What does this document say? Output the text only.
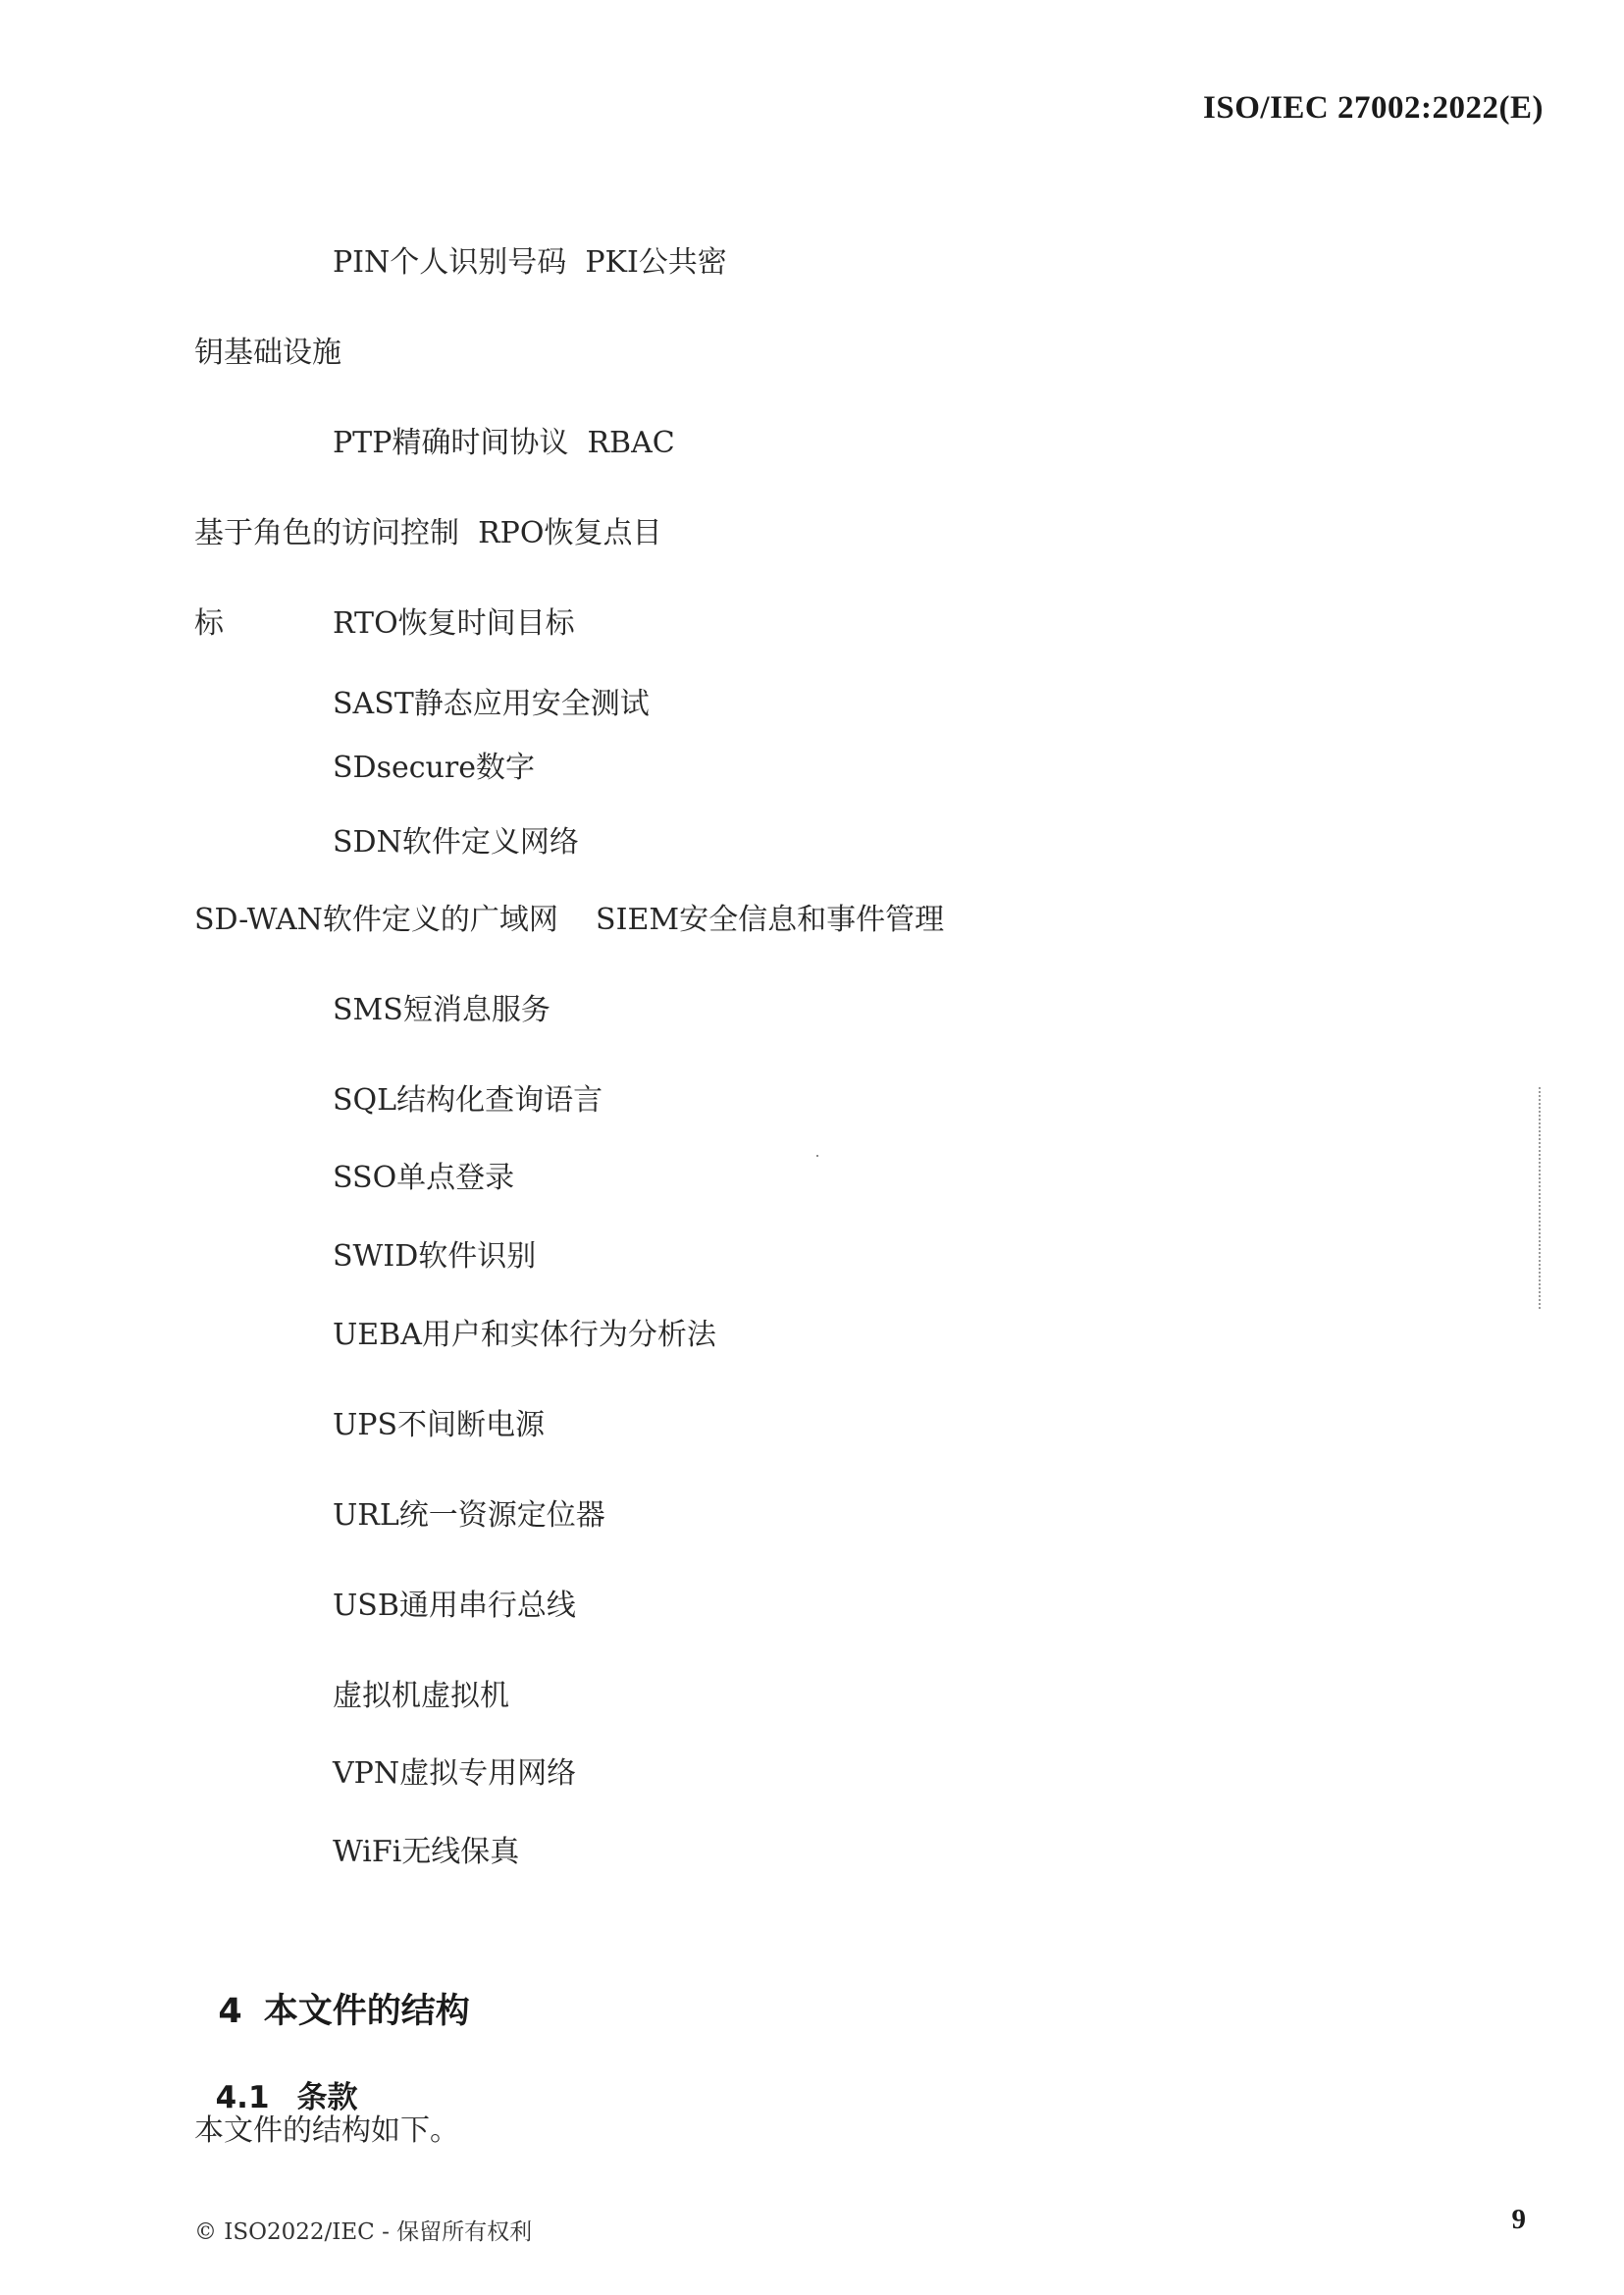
ISO/IEC 27002:2022(E)
PIN个人识别号码  PKI公共密
钥基础设施
PTP精确时间协议  RBAC
基于角色的访问控制  RPO恢复点目
标	RTO恢复时间目标
SAST静态应用安全测试
SDsecure数字
SDN软件定义网络
SD-WAN软件定义的广域网    SIEM安全信息和事件管理
SMS短消息服务
SQL结构化查询语言
SSO单点登录
SWID软件识别
UEBA用户和实体行为分析法
UPS不间断电源
URL统一资源定位器
USB通用串行总线
虚拟机虚拟机
VPN虚拟专用网络
WiFi无线保真

4 本文件的结构

4.1 条款

本文件的结构如下。
© ISO2022/IEC - 保留所有权利	9
